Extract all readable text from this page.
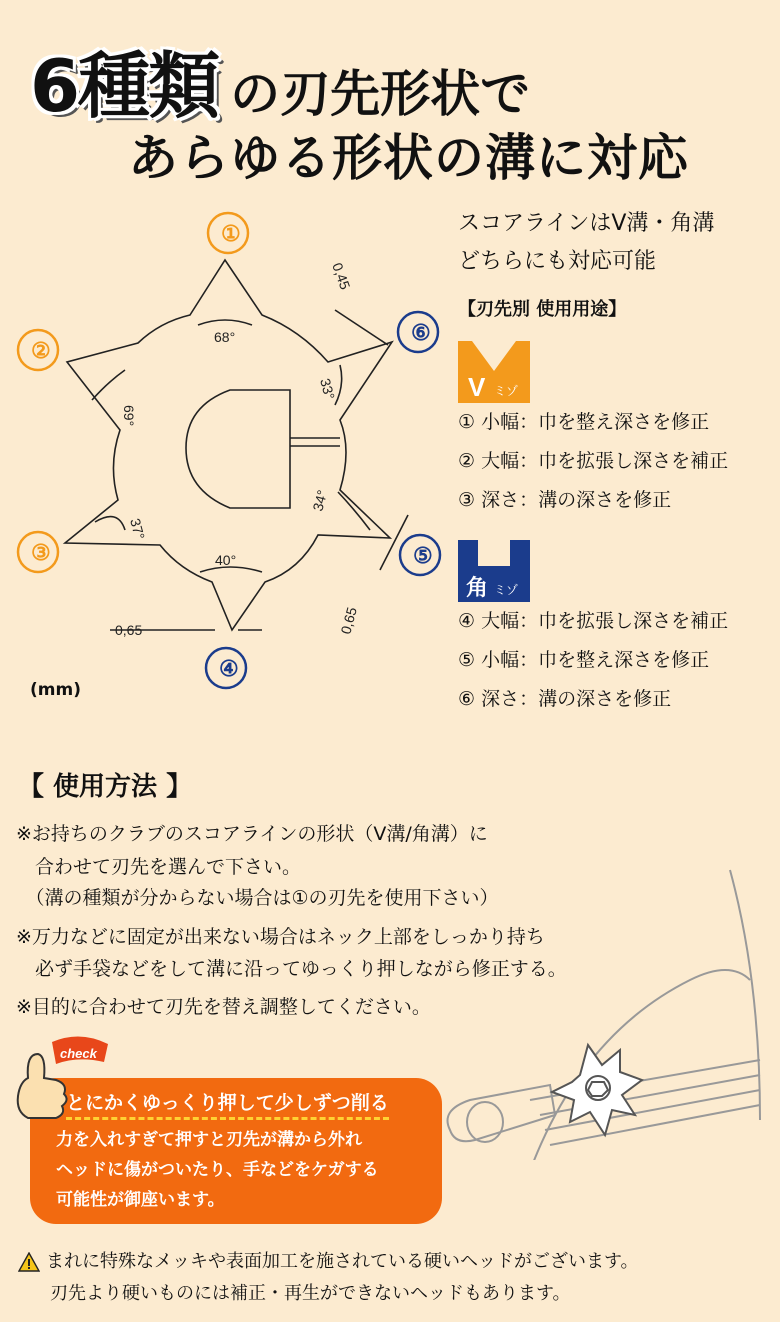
6種類 の刃先形状で
あらゆる形状の溝に対応
①
②
③
④
⑤
⑥
68°
69°
37°
40°
34°
33°
0,45
0,65	0,65
(mm)
スコアラインはV溝・角溝
どちらにも対応可能
【刃先別 使用用途】
V ミゾ
① 小幅：巾を整え深さを修正
② 大幅：巾を拡張し深さを補正
③ 深さ：溝の深さを修正
角 ミゾ
④ 大幅：巾を拡張し深さを補正
⑤ 小幅：巾を整え深さを修正
⑥ 深さ：溝の深さを修正
【 使用方法 】
※お持ちのクラブのスコアラインの形状（V溝/角溝）に
　合わせて刃先を選んで下さい。
　（溝の種類が分からない場合は①の刃先を使用下さい）
※万力などに固定が出来ない場合はネック上部をしっかり持ち
　必ず手袋などをして溝に沿ってゆっくり押しながら修正する。
※目的に合わせて刃先を替え調整してください。
check
とにかくゆっくり押して少しずつ削る
力を入れすぎて押すと刃先が溝から外れ
ヘッドに傷がついたり、手などをケガする
可能性が御座います。
まれに特殊なメッキや表面加工を施されている硬いヘッドがございます。
刃先より硬いものには補正・再生ができないヘッドもあります。
